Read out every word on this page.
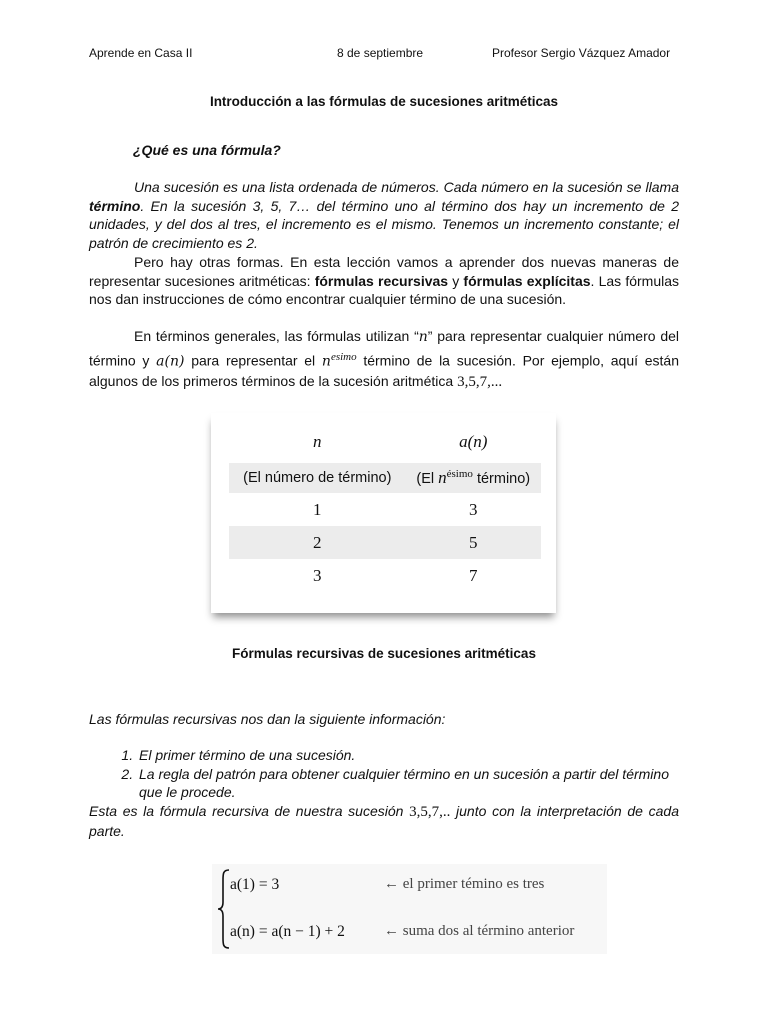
Aprende en Casa II	8 de septiembre	Profesor Sergio Vázquez Amador
Introducción a las fórmulas de sucesiones aritméticas
¿Qué es una fórmula?
Una sucesión es una lista ordenada de números. Cada número en la sucesión se llama término. En la sucesión 3, 5, 7… del término uno al término dos hay un incremento de 2 unidades, y del dos al tres, el incremento es el mismo. Tenemos un incremento constante; el patrón de crecimiento es 2.
Pero hay otras formas. En esta lección vamos a aprender dos nuevas maneras de representar sucesiones aritméticas: fórmulas recursivas y fórmulas explícitas. Las fórmulas nos dan instrucciones de cómo encontrar cualquier término de una sucesión.
En términos generales, las fórmulas utilizan “n” para representar cualquier número del término y a(n) para representar el $n^{esimo}$ término de la sucesión. Por ejemplo, aquí están algunos de los primeros términos de la sucesión aritmética 3,5,7,...
n	a(n)
(El número de término)	(El $n^{ésimo}$ término)
1	3
2	5
3	7
Fórmulas recursivas de sucesiones aritméticas
Las fórmulas recursivas nos dan la siguiente información:
1. El primer término de una sucesión.
2. La regla del patrón para obtener cualquier término en un sucesión a partir del término que le procede.
Esta es la fórmula recursiva de nuestra sucesión 3,5,7,.. junto con la interpretación de cada parte.
a(1) = 3	← el primer témino es tres
a(n) = a(n − 1) + 2	← suma dos al término anterior
